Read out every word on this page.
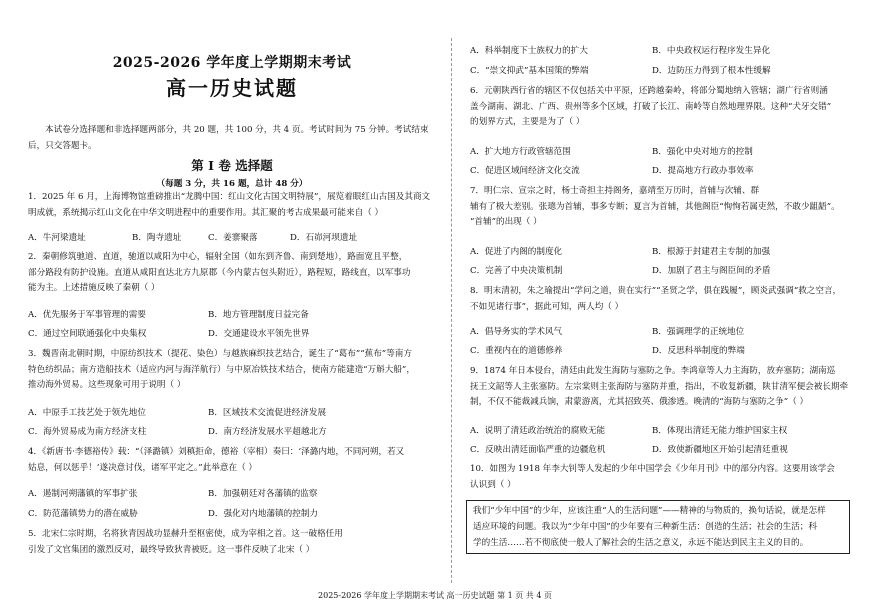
2025-2026 学年度上学期期末考试
高一历史试题
本试卷分选择题和非选择题两部分，共 20 题，共 100 分，共 4 页。考试时间为 75 分钟。考试结束后，只交答题卡。
第 Ⅰ 卷 选择题
（每题 3 分，共 16 题，总计 48 分）
1．2025 年 6 月，上海博物馆重磅推出“龙腾中国：红山文化古国文明特展”，展览着眼红山古国及其商文
明成就，系统揭示红山文化在中华文明进程中的重要作用。其汇聚的考古成果最可能来自（ ）
A．牛河梁遗址	B．陶寺遗址	C．姜寨聚落	D．石峁河坝遗址
2．秦朝修筑驰道、直道，驰道以咸阳为中心，辐射全国（如东到齐鲁、南到楚地），路面宽且平整，
部分路段有防护设施。直道从咸阳直达北方九原郡（今内蒙古包头附近），路程短，路线直，以军事功
能为主。上述措施反映了秦朝（ ）
A．优先服务于军事管理的需要	B．地方管理制度日益完备
C．通过空间联通强化中央集权	D．交通建设水平领先世界
3．魏晋南北朝时期，中原纺织技术（提花、染色）与越族麻织技艺结合，诞生了“葛布”“蕉布”等南方
特色纺织品；南方造船技术（适应内河与海洋航行）与中原冶铁技术结合，使南方能建造“万斛大船”，
推动海外贸易。这些现象可用于说明（ ）
A．中原手工技艺处于领先地位	B．区域技术交流促进经济发展
C．海外贸易成为南方经济支柱	D．南方经济发展水平超越北方
4．《新唐书·李德裕传》载：“（泽潞镇）刘稹拒命，德裕（宰相）奏曰：‘泽潞内地，不同河朔，若又
姑息，何以惩乎！’遂决意讨伐，诸军平定之。”此举意在（ ）
A．遏制河朔藩镇的军事扩张	B．加强朝廷对各藩镇的监察
C．防范藩镇势力的潜在威胁	D．强化对内地藩镇的控制力
5．北宋仁宗时期，名将狄青因战功显赫升至枢密使，成为宰相之首。这一破格任用
引发了文官集团的激烈反对，最终导致狄青被贬。这一事件反映了北宋（ ）
A．科举制度下士族权力的扩大	B．中央政权运行程序发生异化
C．“崇文抑武”基本国策的弊端	D．边防压力得到了根本性缓解
6．元朝陕西行省的辖区不仅包括关中平原，还跨越秦岭，将部分蜀地纳入管辖；湖广行省则涵
盖今湖南、湖北、广西、贵州等多个区域，打破了长江、南岭等自然地理界限。这种“犬牙交错”
的划界方式，主要是为了（ ）
A．扩大地方行政管辖范围	B．强化中央对地方的控制
C．促进区域间经济文化交流	D．提高地方行政办事效率
7．明仁宗、宣宗之时，杨士奇担主持阁务，嘉靖至万历时，首辅与次辅、群
辅有了极大差别。张璁为首辅，事多专断；夏言为首辅，其他阁臣“恂恂若属吏然，不敢少龃龉”。
“首辅”的出现（ ）
A．促进了内阁的制度化	B．根源于封建君主专制的加强
C．完善了中央决策机制	D．加剧了君主与阁臣间的矛盾
8．明末清初，朱之瑜提出“学问之道，贵在实行”“圣贤之学，俱在践履”，顾炎武强调“救之空言，
不如见诸行事”，据此可知，两人均（ ）
A．倡导务实的学术风气	B．强调理学的正统地位
C．重视内在的道德修养	D．反思科举制度的弊端
9．1874 年日本侵台，清廷由此发生海防与塞防之争。李鸿章等人力主海防，放弃塞防；湖南巡
抚王文韶等人主张塞防。左宗棠则主张海防与塞防并重，指出，不收复新疆，陕甘清军便会被长期牵
制，不仅不能裁减兵饷，肃蒙游离，尤其招致英、俄渗透。晚清的“海防与塞防之争”（ ）
A．说明了清廷政治统治的腐败无能	B．体现出清廷无能力维护国家主权
C．反映出清廷面临严重的边疆危机	D．致使新疆地区开始引起清廷重视
10．如图为 1918 年李大钊等人发起的少年中国学会《少年月刊》中的部分内容。这要用该学会
认识到（ ）
我们“少年中国”的少年，应该注重“人的生活问题”——精神的与物质的，换句话说，就是怎样
适应环境的问题。我以为“少年中国”的少年要有三种新生活：创造的生活；社会的生活；科
学的生活……若不彻底使一般人了解社会的生活之意义，永远不能达到民主主义的目的。
2025-2026 学年度上学期期末考试 高一历史试题 第 1 页 共 4 页
